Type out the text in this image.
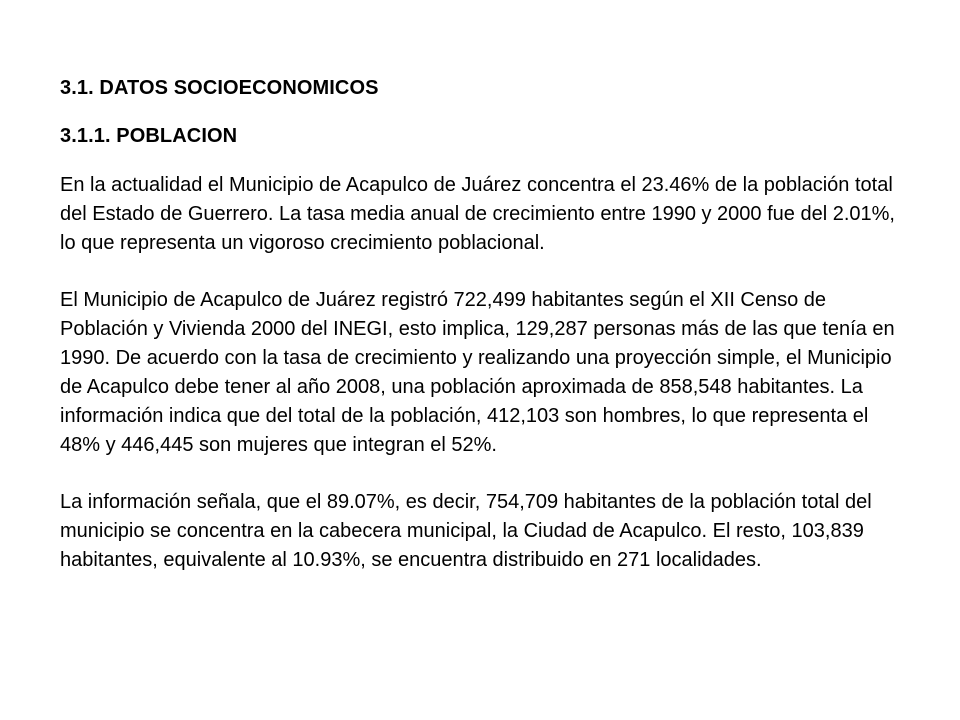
3.1. DATOS SOCIOECONOMICOS
3.1.1. POBLACION

En la actualidad el Municipio de Acapulco de Juárez concentra el 23.46% de la población total del Estado de Guerrero. La tasa media anual de crecimiento entre 1990 y 2000 fue del 2.01%, lo que representa un vigoroso crecimiento poblacional.

El Municipio de Acapulco de Juárez registró 722,499 habitantes según el XII Censo de Población y Vivienda 2000 del INEGI, esto implica, 129,287 personas más de las que tenía en 1990. De acuerdo con la tasa de crecimiento y realizando una proyección simple, el Municipio de Acapulco debe tener al año 2008, una población aproximada de 858,548 habitantes. La información indica que del total de la población, 412,103 son hombres, lo que representa el 48% y 446,445 son mujeres que integran el 52%.

La información señala, que el 89.07%, es decir, 754,709 habitantes de la población total del municipio se concentra en la cabecera municipal, la Ciudad de Acapulco. El resto, 103,839 habitantes, equivalente al 10.93%, se encuentra distribuido en 271 localidades.
